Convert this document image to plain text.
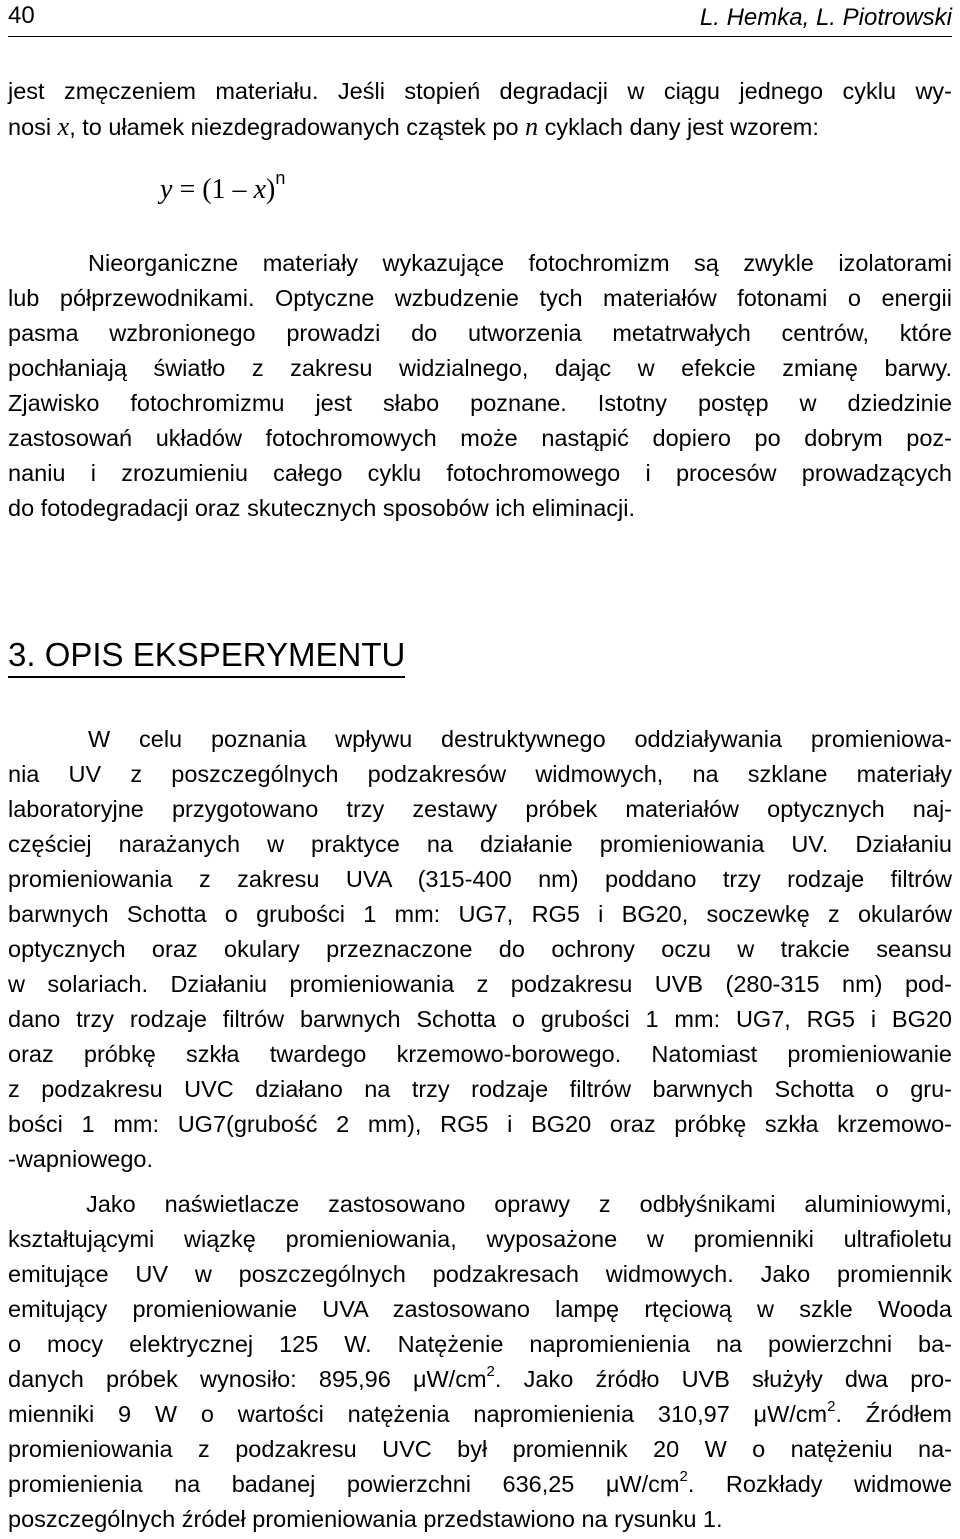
40	L. Hemka, L. Piotrowski
jest zmęczeniem materiału. Jeśli stopień degradacji w ciągu jednego cyklu wy-
nosi x, to ułamek niezdegradowanych cząstek po n cyklach dany jest wzorem:
y = (1 – x)$^n$
Nieorganiczne materiały wykazujące fotochromizm są zwykle izolatorami
lub półprzewodnikami. Optyczne wzbudzenie tych materiałów fotonami o energii
pasma wzbronionego prowadzi do utworzenia metatrwałych centrów, które
pochłaniają światło z zakresu widzialnego, dając w efekcie zmianę barwy.
Zjawisko fotochromizmu jest słabo poznane. Istotny postęp w dziedzinie
zastosowań układów fotochromowych może nastąpić dopiero po dobrym poz-
naniu i zrozumieniu całego cyklu fotochromowego i procesów prowadzących
do fotodegradacji oraz skutecznych sposobów ich eliminacji.
3. OPIS EKSPERYMENTU
W celu poznania wpływu destruktywnego oddziaływania promieniowa-
nia UV z poszczególnych podzakresów widmowych, na szklane materiały
laboratoryjne przygotowano trzy zestawy próbek materiałów optycznych naj-
częściej narażanych w praktyce na działanie promieniowania UV. Działaniu
promieniowania z zakresu UVA (315-400 nm) poddano trzy rodzaje filtrów
barwnych Schotta o grubości 1 mm: UG7, RG5 i BG20, soczewkę z okularów
optycznych oraz okulary przeznaczone do ochrony oczu w trakcie seansu
w solariach. Działaniu promieniowania z podzakresu UVB (280-315 nm) pod-
dano trzy rodzaje filtrów barwnych Schotta o grubości 1 mm: UG7, RG5 i BG20
oraz próbkę szkła twardego krzemowo-borowego. Natomiast promieniowanie
z podzakresu UVC działano na trzy rodzaje filtrów barwnych Schotta o gru-
bości 1 mm: UG7(grubość 2 mm), RG5 i BG20 oraz próbkę szkła krzemowo-
-wapniowego.
Jako naświetlacze zastosowano oprawy z odbłyśnikami aluminiowymi,
kształtującymi wiązkę promieniowania, wyposażone w promienniki ultrafioletu
emitujące UV w poszczególnych podzakresach widmowych. Jako promiennik
emitujący promieniowanie UVA zastosowano lampę rtęciową w szkle Wooda
o mocy elektrycznej 125 W. Natężenie napromienienia na powierzchni ba-
danych próbek wynosiło: 895,96 $\mu W/cm^2$. Jako źródło UVB służyły dwa pro-
mienniki 9 W o wartości natężenia napromienienia 310,97 $\mu W/cm^2$. Źródłem
promieniowania z podzakresu UVC był promiennik 20 W o natężeniu na-
promienienia na badanej powierzchni 636,25 $\mu W/cm^2$. Rozkłady widmowe
poszczególnych źródeł promieniowania przedstawiono na rysunku 1.
